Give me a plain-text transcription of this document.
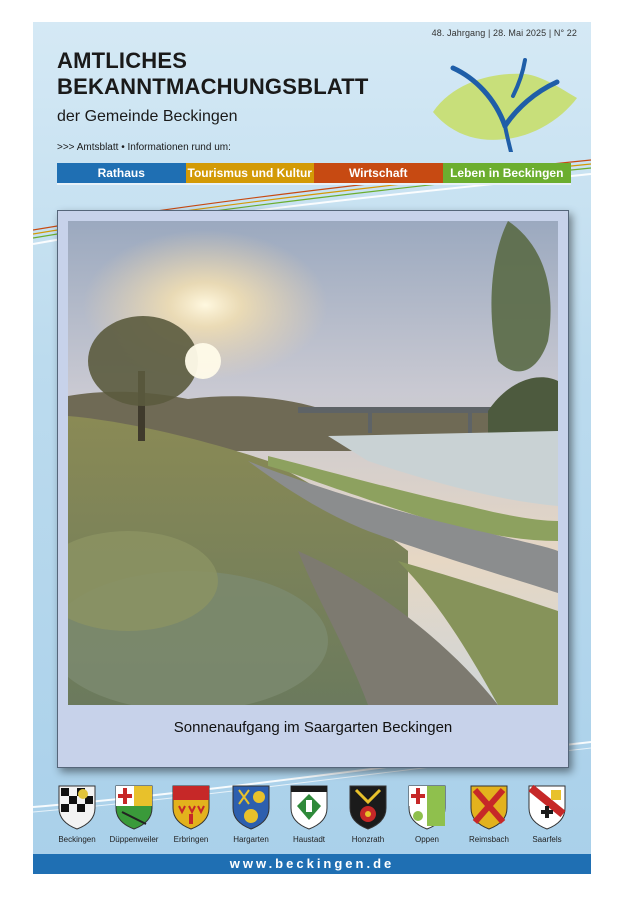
48. Jahrgang | 28. Mai 2025 | N° 22
AMTLICHES
BEKANNTMACHUNGSBLATT
der Gemeinde Beckingen
>>> Amtsblatt • Informationen rund um:
Rathaus	Tourismus und Kultur	Wirtschaft	Leben in Beckingen
Sonnenaufgang im Saargarten Beckingen
Beckingen	Düppenweiler	Erbringen	Hargarten	Haustadt	Honzrath	Oppen	Reimsbach	Saarfels
www.beckingen.de
